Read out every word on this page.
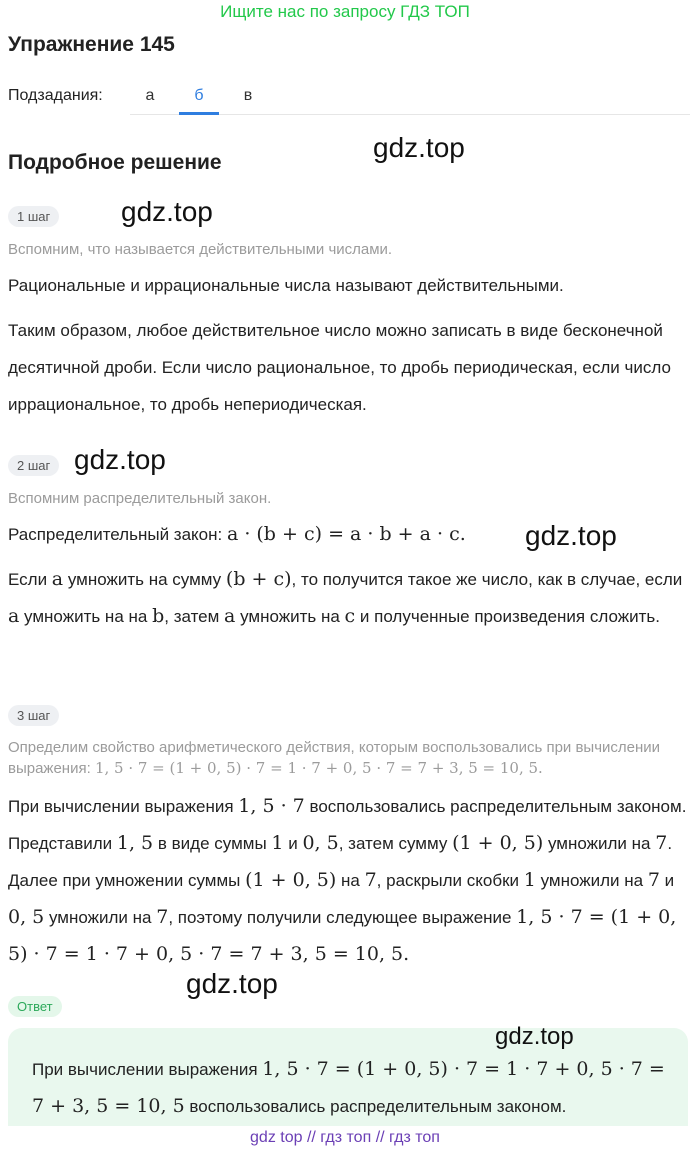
Ищите нас по запросу ГДЗ ТОП
Упражнение 145
Подзадания:	а	б	в
Подробное решение	gdz.top
gdz.top
gdz.top
gdz.top
gdz.top
1 шаг
Вспомним, что называется действительными числами.
Рациональные и иррациональные числа называют действительными.
Таким образом, любое действительное число можно записать в виде бесконечной десятичной дроби. Если число рациональное, то дробь периодическая, если число иррациональное, то дробь непериодическая.
2 шаг
Вспомним распределительный закон.
Распределительный закон: a · (b + c) = a · b + a · c.
Если a умножить на сумму (b + c), то получится такое же число, как в случае, если a умножить на на b, затем a умножить на c и полученные произведения сложить.
3 шаг
Определим свойство арифметического действия, которым воспользовались при вычислении выражения: 1, 5 · 7 = (1 + 0, 5) · 7 = 1 · 7 + 0, 5 · 7 = 7 + 3, 5 = 10, 5.
При вычислении выражения 1, 5 · 7 воспользовались распределительным законом. Представили 1, 5 в виде суммы 1 и 0, 5, затем сумму (1 + 0, 5) умножили на 7. Далее при умножении суммы (1 + 0, 5) на 7, раскрыли скобки 1 умножили на 7 и 0, 5 умножили на 7, поэтому получили следующее выражение 1, 5 · 7 = (1 + 0, 5) · 7 = 1 · 7 + 0, 5 · 7 = 7 + 3, 5 = 10, 5.
Ответ
gdz.top
При вычислении выражения 1, 5 · 7 = (1 + 0, 5) · 7 = 1 · 7 + 0, 5 · 7 = 7 + 3, 5 = 10, 5 воспользовались распределительным законом.
gdz top // гдз топ // гдз топ
